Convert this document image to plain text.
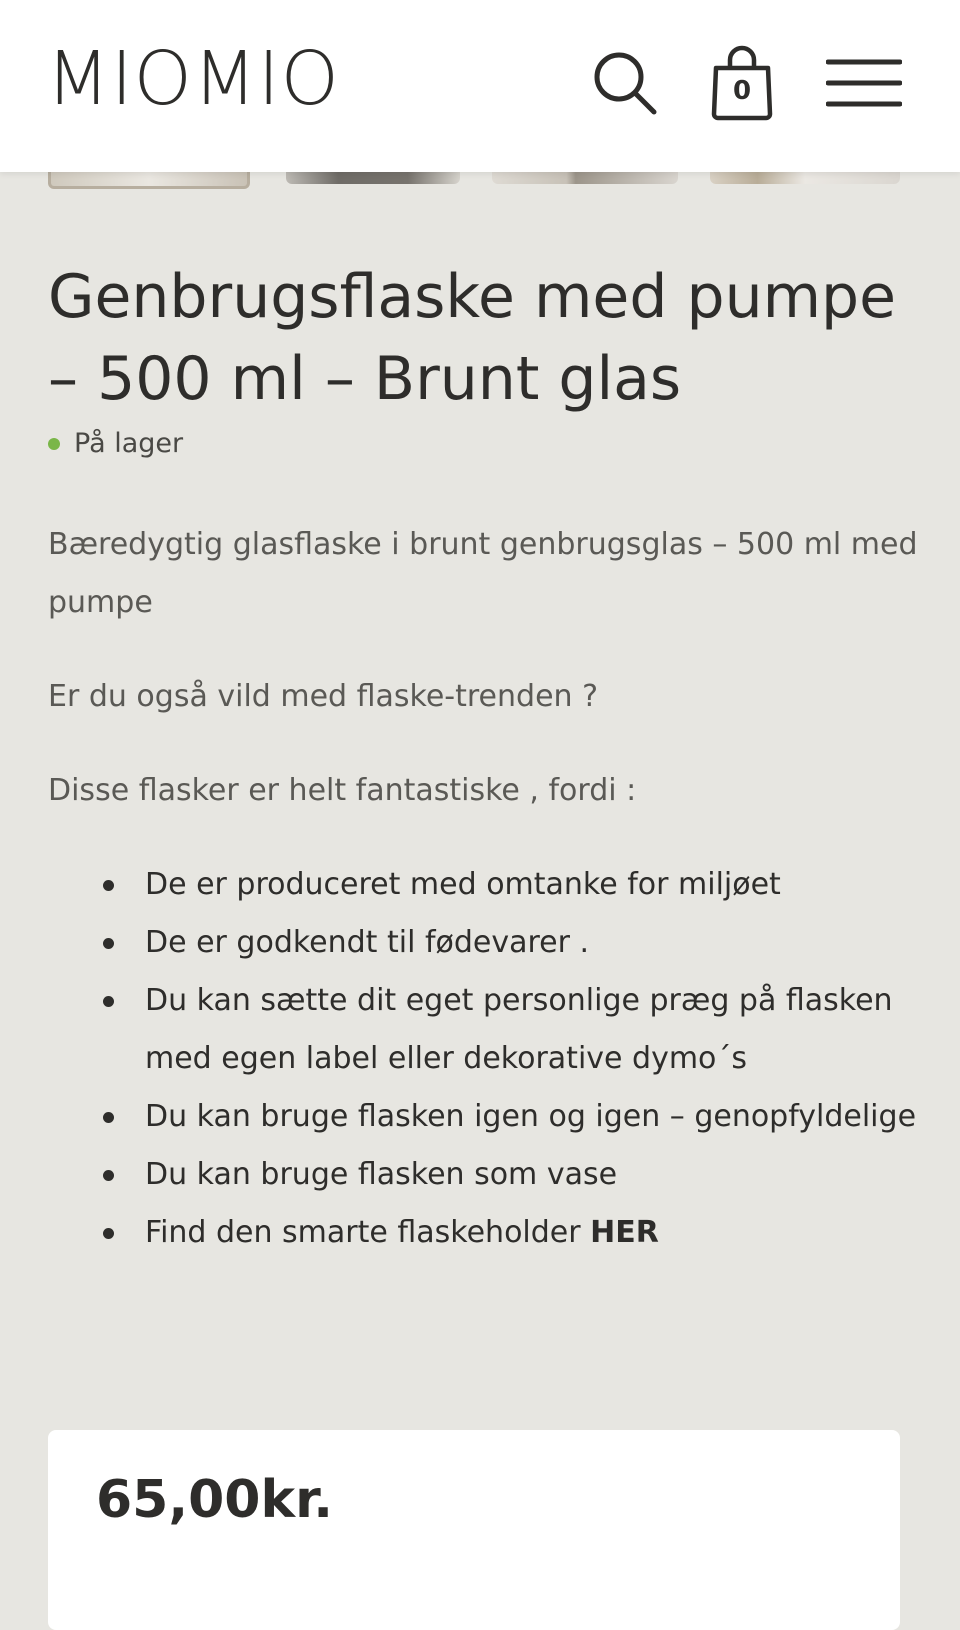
MIOMIO	0
Genbrugsflaske med pumpe – 500 ml – Brunt glas
På lager

Bæredygtig glasflaske i brunt genbrugsglas – 500 ml med pumpe

Er du også vild med flaske-trenden ?

Disse flasker er helt fantastiske , fordi :

De er produceret med omtanke for miljøet
De er godkendt til fødevarer .
Du kan sætte dit eget personlige præg på flasken med egen label eller dekorative dymo´s
Du kan bruge flasken igen og igen – genopfyldelige
Du kan bruge flasken som vase
Find den smarte flaskeholder HER
65,00kr.
